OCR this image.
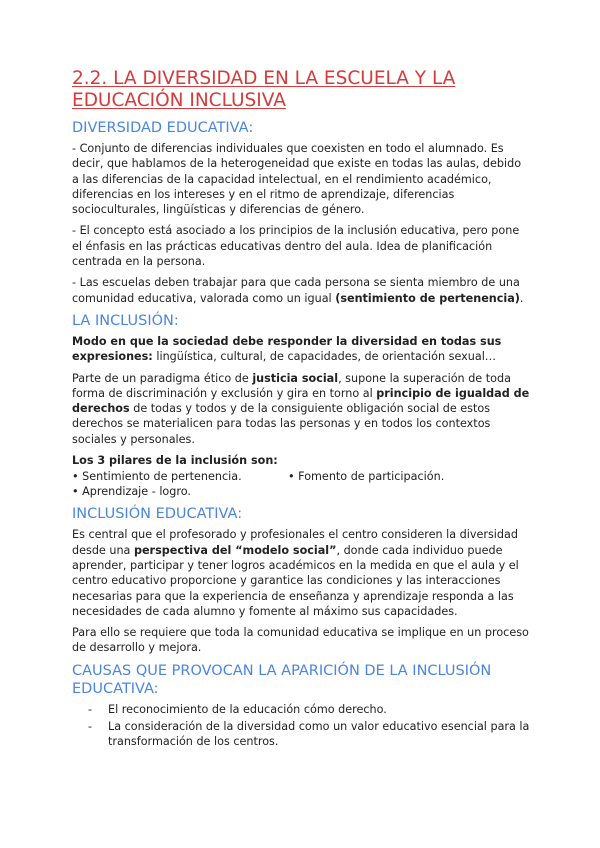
2.2. LA DIVERSIDAD EN LA ESCUELA Y LA EDUCACIÓN INCLUSIVA
DIVERSIDAD EDUCATIVA:

- Conjunto de diferencias individuales que coexisten en todo el alumnado. Es decir, que hablamos de la heterogeneidad que existe en todas las aulas, debido a las diferencias de la capacidad intelectual, en el rendimiento académico, diferencias en los intereses y en el ritmo de aprendizaje, diferencias socioculturales, lingüísticas y diferencias de género.

- El concepto está asociado a los principios de la inclusión educativa, pero pone el énfasis en las prácticas educativas dentro del aula. Idea de planificación centrada en la persona.

- Las escuelas deben trabajar para que cada persona se sienta miembro de una comunidad educativa, valorada como un igual (sentimiento de pertenencia).

LA INCLUSIÓN:

Modo en que la sociedad debe responder la diversidad en todas sus expresiones: lingüística, cultural, de capacidades, de orientación sexual…

Parte de un paradigma ético de justicia social, supone la superación de toda forma de discriminación y exclusión y gira en torno al principio de igualdad de derechos de todas y todos y de la consiguiente obligación social de estos derechos se materialicen para todas las personas y en todos los contextos sociales y personales.

Los 3 pilares de la inclusión son:

• Sentimiento de pertenencia.
• Aprendizaje - logro.
• Fomento de participación.
INCLUSIÓN EDUCATIVA:

Es central que el profesorado y profesionales el centro consideren la diversidad desde una perspectiva del “modelo social”, donde cada individuo puede aprender, participar y tener logros académicos en la medida en que el aula y el centro educativo proporcione y garantice las condiciones y las interacciones necesarias para que la experiencia de enseñanza y aprendizaje responda a las necesidades de cada alumno y fomente al máximo sus capacidades.

Para ello se requiere que toda la comunidad educativa se implique en un proceso de desarrollo y mejora.

CAUSAS QUE PROVOCAN LA APARICIÓN DE LA INCLUSIÓN EDUCATIVA:
- El reconocimiento de la educación cómo derecho.
- La consideración de la diversidad como un valor educativo esencial para la transformación de los centros.
